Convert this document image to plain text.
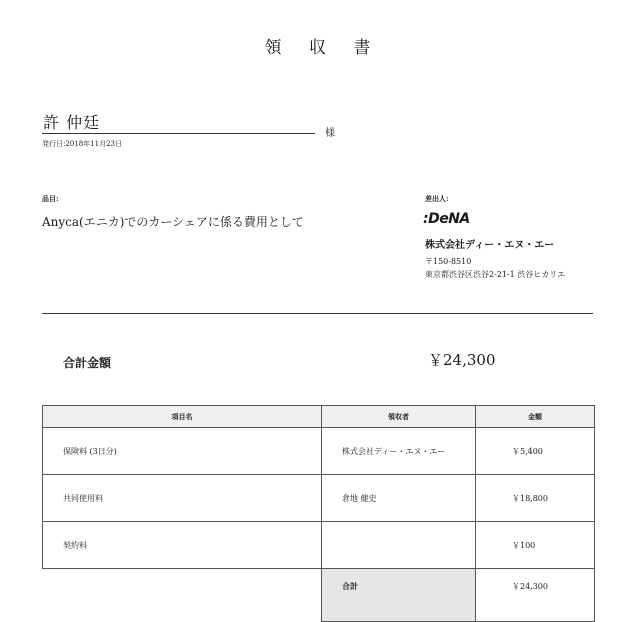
領 収 書
許 仲廷
様
発行日:2018年11月23日
品目:
Anyca(エニカ)でのカーシェアに係る費用として
差出人:
:DeNA
株式会社ディー・エヌ・エー
〒150-8510
東京都渋谷区渋谷2-21-1 渋谷ヒカリエ
合計金額	￥24,300
項目名	領収者	金額
保険料 (3日分)	株式会社ディー・エヌ・エー	￥5,400
共同使用料	倉地 健史	￥18,800
契約料		￥100
	合計	￥24,300
